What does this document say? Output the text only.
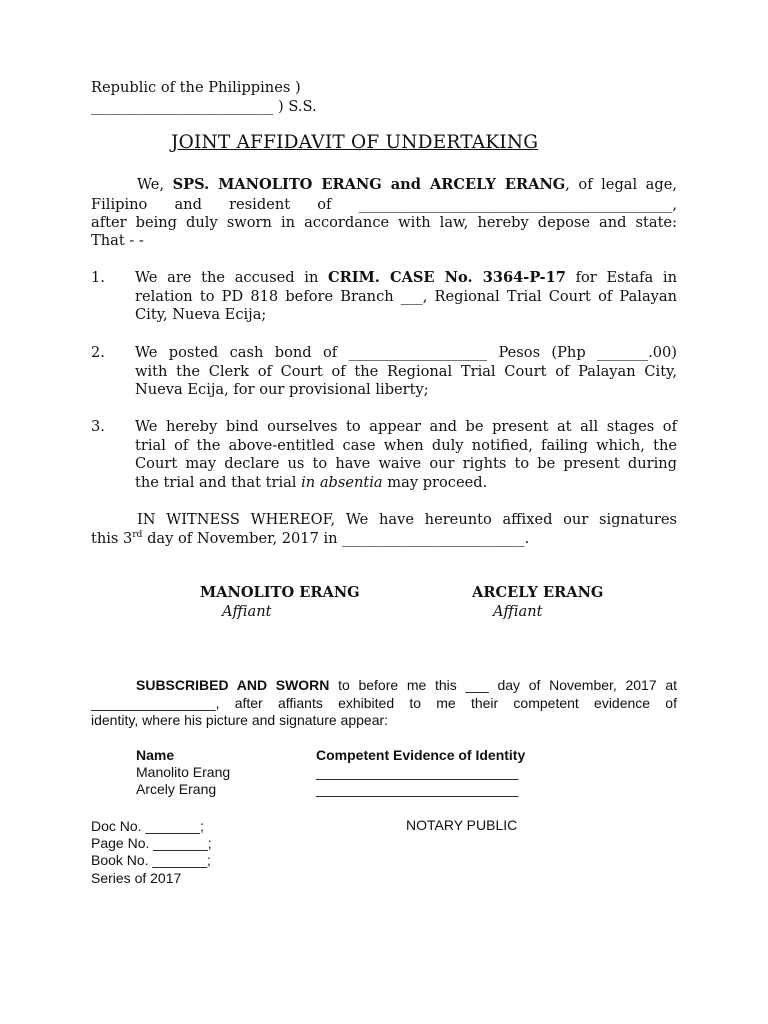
Republic of the Philippines )
_________________________ ) S.S.
JOINT AFFIDAVIT OF UNDERTAKING
We, SPS. MANOLITO ERANG and ARCELY ERANG, of legal age,
Filipino and resident of ___________________________________________,
after being duly sworn in accordance with law, hereby depose and state:
That - -
1. We are the accused in CRIM. CASE No. 3364-P-17 for Estafa in
relation to PD 818 before Branch ___, Regional Trial Court of Palayan
City, Nueva Ecija;
2. We posted cash bond of ___________________ Pesos (Php _______.00)
with the Clerk of Court of the Regional Trial Court of Palayan City,
Nueva Ecija, for our provisional liberty;
3. We hereby bind ourselves to appear and be present at all stages of
trial of the above-entitled case when duly notified, failing which, the
Court may declare us to have waive our rights to be present during
the trial and that trial in absentia may proceed.
IN WITNESS WHEREOF, We have hereunto affixed our signatures
this 3rd day of November, 2017 in _________________________.
MANOLITO ERANG
Affiant
ARCELY ERANG
Affiant
SUBSCRIBED AND SWORN to before me this ___ day of November, 2017 at
________________, after affiants exhibited to me their competent evidence of
identity, where his picture and signature appear:
Name	Competent Evidence of Identity
Manolito Erang	__________________________
Arcely Erang	__________________________
Doc No. _______;
Page No. _______;
Book No. _______;
Series of 2017
NOTARY PUBLIC
